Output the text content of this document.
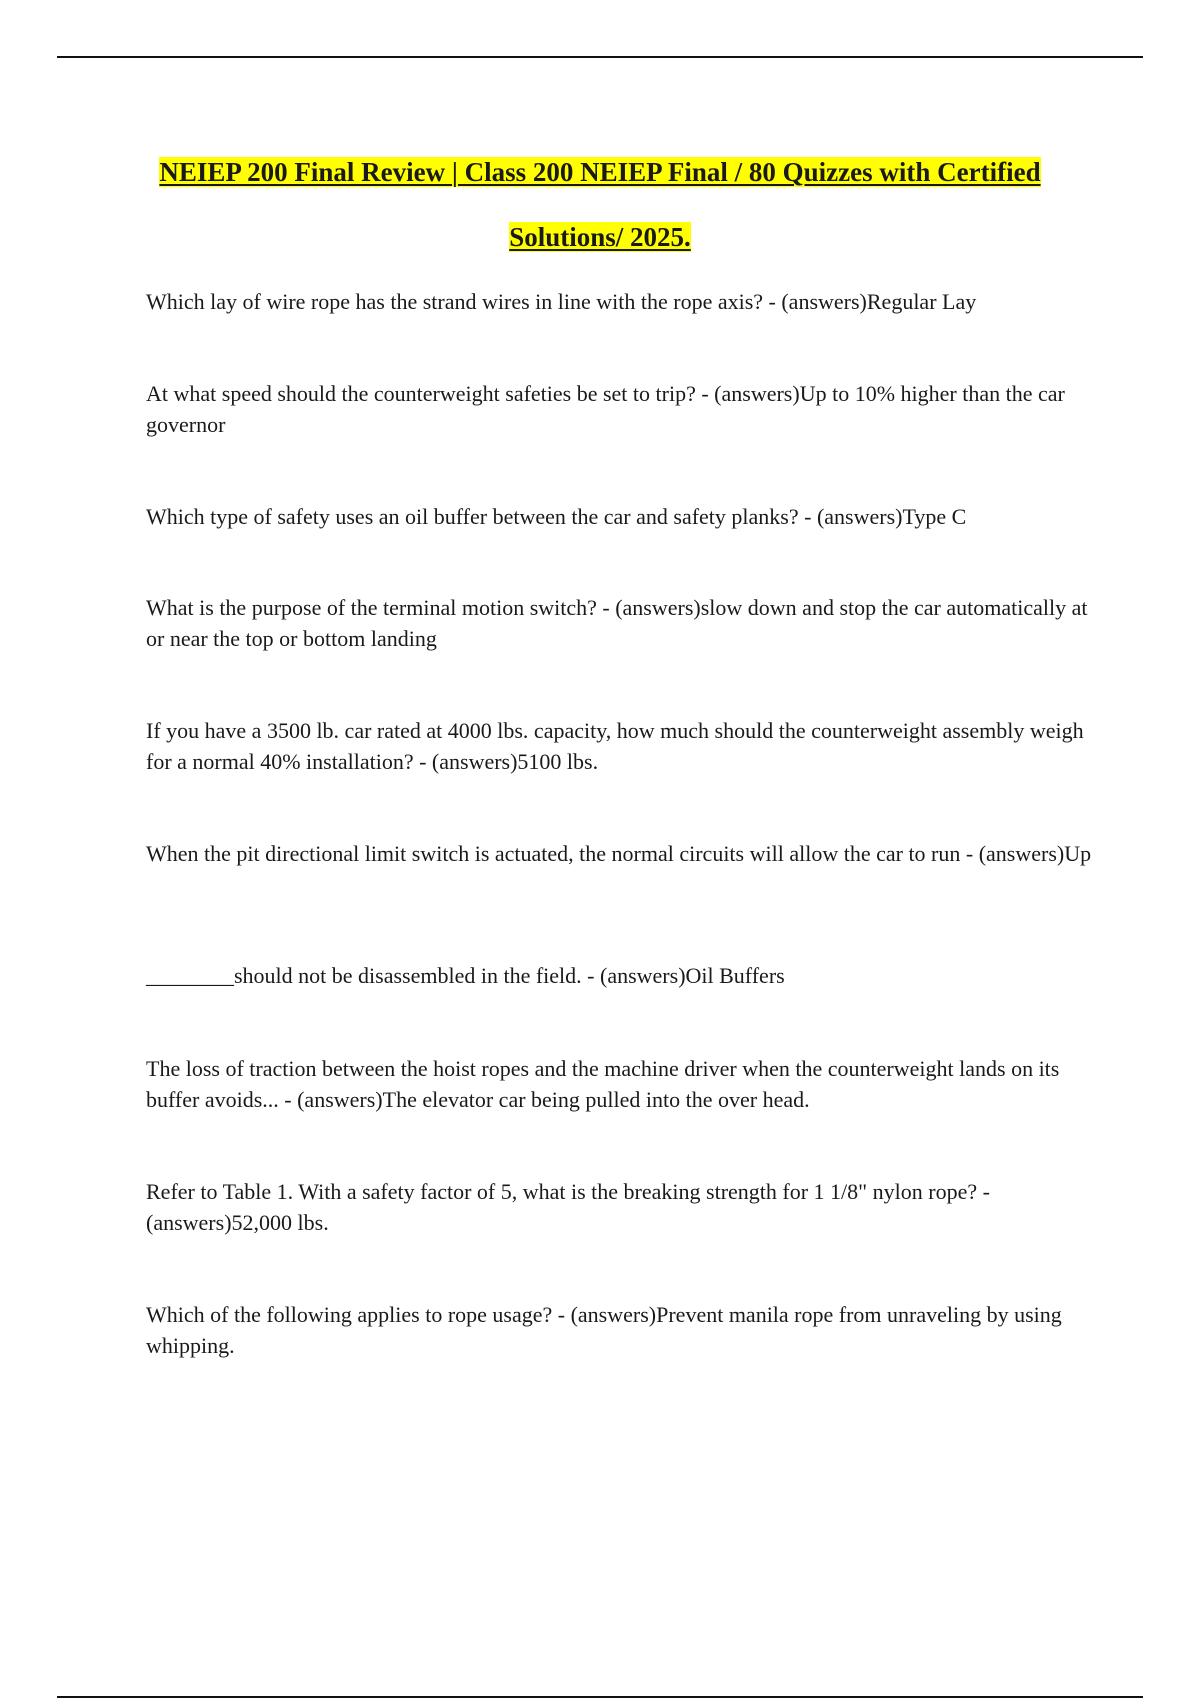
NEIEP 200 Final Review | Class 200 NEIEP Final / 80 Quizzes with Certified
Solutions/ 2025.

Which lay of wire rope has the strand wires in line with the rope axis? - (answers)Regular Lay

At what speed should the counterweight safeties be set to trip? - (answers)Up to 10% higher than the car governor

Which type of safety uses an oil buffer between the car and safety planks? - (answers)Type C

What is the purpose of the terminal motion switch? - (answers)slow down and stop the car automatically at or near the top or bottom landing

If you have a 3500 lb. car rated at 4000 lbs. capacity, how much should the counterweight assembly weigh for a normal 40% installation? - (answers)5100 lbs.

When the pit directional limit switch is actuated, the normal circuits will allow the car to run - (answers)Up

________should not be disassembled in the field. - (answers)Oil Buffers

The loss of traction between the hoist ropes and the machine driver when the counterweight lands on its buffer avoids... - (answers)The elevator car being pulled into the over head.

Refer to Table 1. With a safety factor of 5, what is the breaking strength for 1 1/8" nylon rope? - (answers)52,000 lbs.

Which of the following applies to rope usage? - (answers)Prevent manila rope from unraveling by using whipping.
